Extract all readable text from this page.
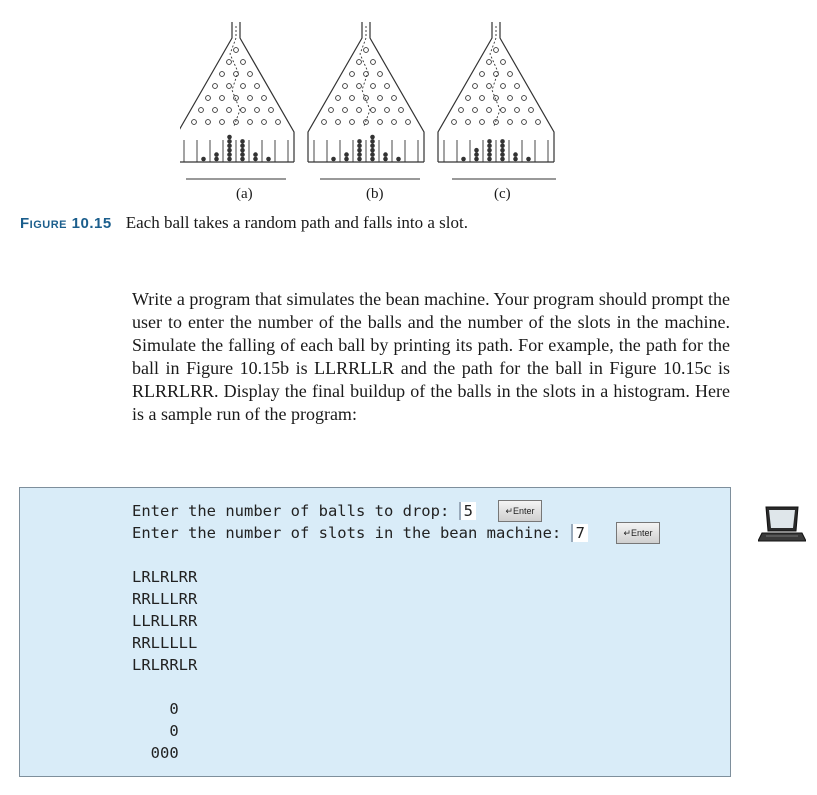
(a)	(b)	(c)
Figure 10.15 Each ball takes a random path and falls into a slot.
Write a program that simulates the bean machine. Your program should prompt the user to enter the number of the balls and the number of the slots in the machine. Simulate the falling of each ball by printing its path. For example, the path for the ball in Figure 10.15b is LLRRLLR and the path for the ball in Figure 10.15c is RLRRLRR. Display the final buildup of the balls in the slots in a histogram. Here is a sample run of the program:
Enter the number of balls to drop: 5	↵Enter
Enter the number of slots in the bean machine: 7	↵Enter
LRLRLRR
RRLLLRR
LLRLLRR
RRLLLLL
LRLRRLR
0
0
000
